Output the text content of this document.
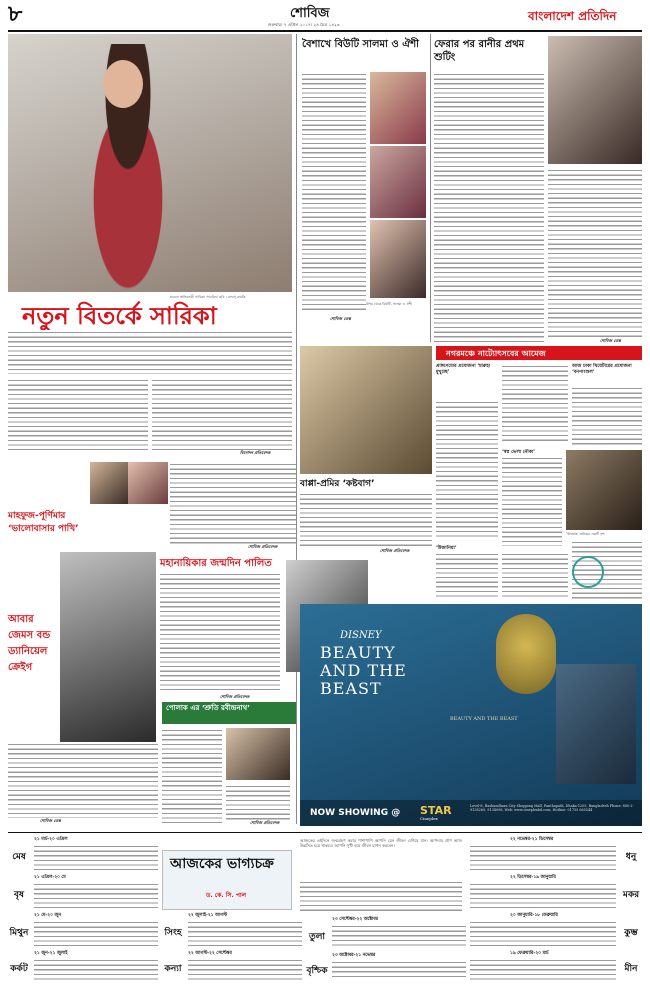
৮	শোবিজ
শুক্রবার। ৭ এপ্রিল ২০১৭। ২৪ চৈত্র ১৪২৩
বাংলাদেশ প্রতিদিন
মডেল অভিনেত্রী সারিকা সাবরিন। ছবি : রাফস্ রুমকি
নতুন বিতর্কে সারিকা
বিনোদন প্রতিবেদক
বৈশাখে বিউটি সালমা ও ঐশী
শোবিজ ডেস্ক
উপর থেকে বিউটি, সালমা ও ঐশী
ফেরার পর রানীর প্রথম শুটিং
শোবিজ ডেস্ক
নগরমঞ্চে নাট্যোৎসবের আমেজ
প্রাঙ্গণেমোর প্রযোজনা ‘চারুহা মুখুচ্ছে’
আজ ঢাকা থিয়েটারের প্রযোজনা ‘বনপাংশুল’
‘স্বপ্ন ভেলা নৌকা’
‘উদভ্রান্ত’ নাটকের একটি দৃশ্য
‘উজানিয়া’
বাপ্পা-প্রমির ‘কষ্টবাগ’
শোবিজ প্রতিবেদক
মাহফুজ-পূর্ণিমার ‘ভালোবাসার পাখি’
শোবিজ প্রতিবেদক
মহানায়িকার জন্মদিন পালিত
শোবিজ প্রতিবেদক
আবার
জেমস বন্ড
ড্যানিয়েল
ক্রেইগ
শোবিজ ডেস্ক
পোলাক এর ‘শ্রুতি রবীন্দ্রনাথ’
শোবিজ প্রতিবেদক
DISNEY
BEAUTY AND THE BEAST
BEAUTY AND THE BEAST
NOW SHOWING @ STAR
Cineplex
Level-8, Bashundhara City Shopping Mall, Panthapath, Dhaka-1205, Bangladesh Phone: 880-2-9138260, 9134098, Web: www.cineplexbd.com, Hotline: 01755 665544
আজকের ভাগ্যচক্র
ড. কে. সি. পাল
আজকের এইদিনে জন্মগ্রহণ করার পাশাপাশি আপনি যেন জীবন এগিয়ে যান। আপনার প্রাণ আজ উল্লসিত হয়ে থাকবে। আপনি সুখী হয়ে জীবন যাপন করবেন।
মেষ
২১ মার্চ-২০ এপ্রিল
বৃষ
২১ এপ্রিল-২০ মে
মিথুন
২১ মে-২০ জুন
কর্কট
২১ জুন-২১ জুলাই
সিংহ
২২ জুলাই-২১ আগস্ট
কন্যা
২২ আগস্ট-২২ সেপ্টেম্বর
তুলা
২৩ সেপ্টেম্বর-২২ অক্টোবর
বৃশ্চিক
২৩ অক্টোবর-২১ নভেম্বর
ধনু
২২ নভেম্বর-২১ ডিসেম্বর
মকর
২২ ডিসেম্বর-১৯ জানুয়ারি
কুম্ভ
২০ জানুয়ারি-১৮ ফেব্রুয়ারি
মীন
১৯ ফেব্রুয়ারি-২০ মার্চ
